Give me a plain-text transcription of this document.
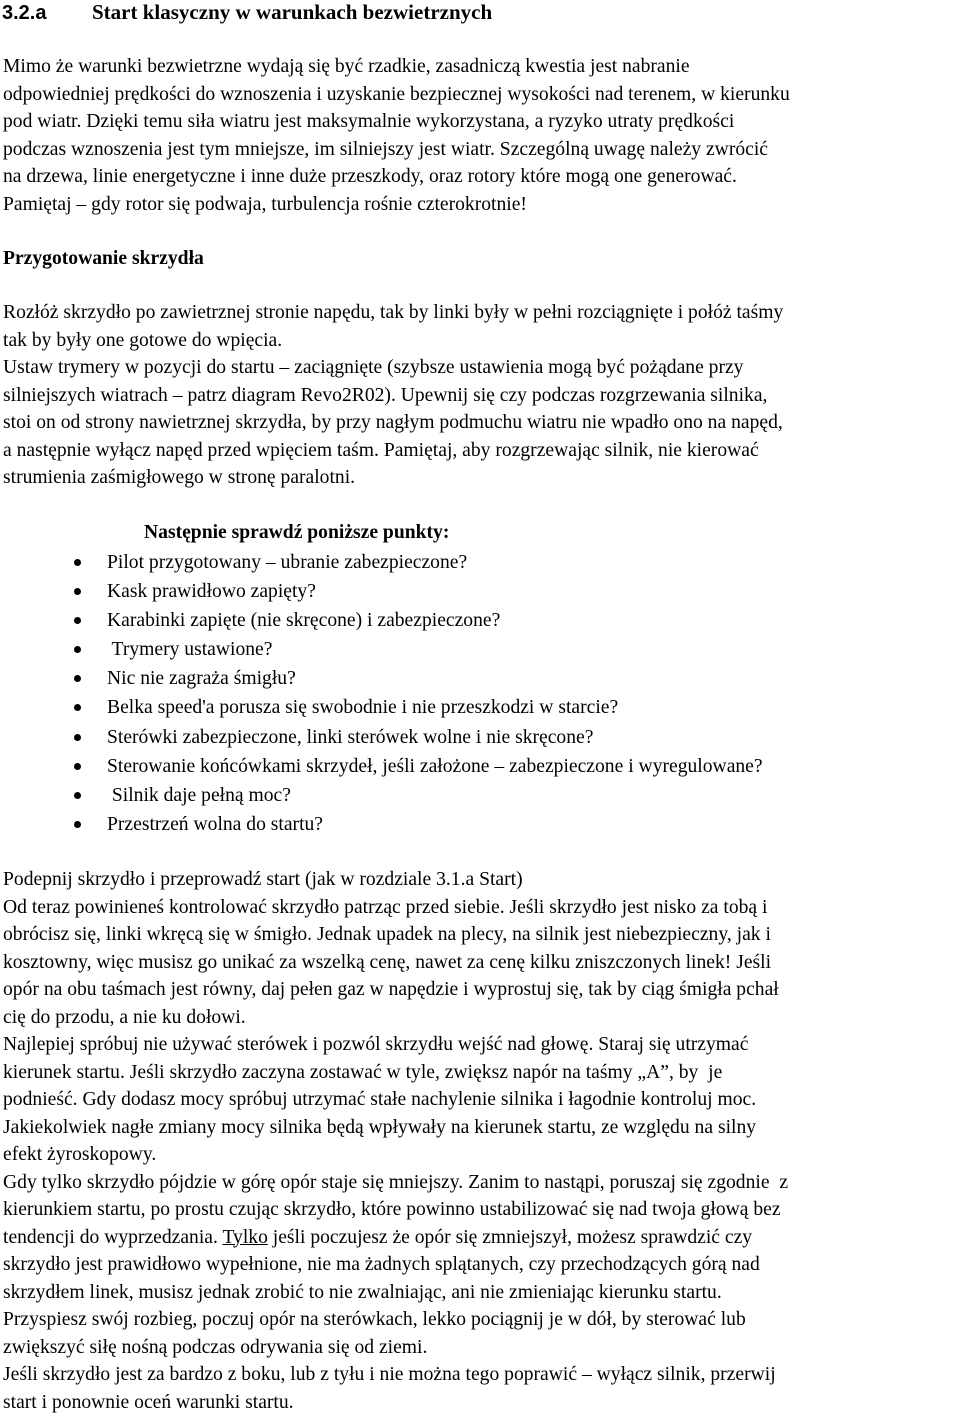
3.2.a Start klasyczny w warunkach bezwietrznych

Mimo że warunki bezwietrzne wydają się być rzadkie, zasadniczą kwestia jest nabranie
odpowiedniej prędkości do wznoszenia i uzyskanie bezpiecznej wysokości nad terenem, w kierunku
pod wiatr. Dzięki temu siła wiatru jest maksymalnie wykorzystana, a ryzyko utraty prędkości
podczas wznoszenia jest tym mniejsze, im silniejszy jest wiatr. Szczególną uwagę należy zwrócić
na drzewa, linie energetyczne i inne duże przeszkody, oraz rotory które mogą one generować.
Pamiętaj – gdy rotor się podwaja, turbulencja rośnie czterokrotnie!

Przygotowanie skrzydła

Rozłóż skrzydło po zawietrznej stronie napędu, tak by linki były w pełni rozciągnięte i połóż taśmy
tak by były one gotowe do wpięcia.
Ustaw trymery w pozycji do startu – zaciągnięte (szybsze ustawienia mogą być pożądane przy
silniejszych wiatrach – patrz diagram Revo2R02). Upewnij się czy podczas rozgrzewania silnika,
stoi on od strony nawietrznej skrzydła, by przy nagłym podmuchu wiatru nie wpadło ono na napęd,
a następnie wyłącz napęd przed wpięciem taśm. Pamiętaj, aby rozgrzewając silnik, nie kierować
strumienia zaśmigłowego w stronę paralotni.

Następnie sprawdź poniższe punkty:
Pilot przygotowany – ubranie zabezpieczone?
Kask prawidłowo zapięty?
Karabinki zapięte (nie skręcone) i zabezpieczone?
Trymery ustawione?
Nic nie zagraża śmigłu?
Belka speed'a porusza się swobodnie i nie przeszkodzi w starcie?
Sterówki zabezpieczone, linki sterówek wolne i nie skręcone?
Sterowanie końcówkami skrzydeł, jeśli założone – zabezpieczone i wyregulowane?
Silnik daje pełną moc?
Przestrzeń wolna do startu?

Podepnij skrzydło i przeprowadź start (jak w rozdziale 3.1.a Start)
Od teraz powinieneś kontrolować skrzydło patrząc przed siebie. Jeśli skrzydło jest nisko za tobą i
obrócisz się, linki wkręcą się w śmigło. Jednak upadek na plecy, na silnik jest niebezpieczny, jak i
kosztowny, więc musisz go unikać za wszelką cenę, nawet za cenę kilku zniszczonych linek! Jeśli
opór na obu taśmach jest równy, daj pełen gaz w napędzie i wyprostuj się, tak by ciąg śmigła pchał
cię do przodu, a nie ku dołowi.
Najlepiej spróbuj nie używać sterówek i pozwól skrzydłu wejść nad głowę. Staraj się utrzymać
kierunek startu. Jeśli skrzydło zaczyna zostawać w tyle, zwiększ napór na taśmy „A”, by  je
podnieść. Gdy dodasz mocy spróbuj utrzymać stałe nachylenie silnika i łagodnie kontroluj moc.
Jakiekolwiek nagłe zmiany mocy silnika będą wpływały na kierunek startu, ze względu na silny
efekt żyroskopowy.
Gdy tylko skrzydło pójdzie w górę opór staje się mniejszy. Zanim to nastąpi, poruszaj się zgodnie  z
kierunkiem startu, po prostu czując skrzydło, które powinno ustabilizować się nad twoja głową bez
tendencji do wyprzedzania. Tylko jeśli poczujesz że opór się zmniejszył, możesz sprawdzić czy
skrzydło jest prawidłowo wypełnione, nie ma żadnych splątanych, czy przechodzących górą nad
skrzydłem linek, musisz jednak zrobić to nie zwalniając, ani nie zmieniając kierunku startu.
Przyspiesz swój rozbieg, poczuj opór na sterówkach, lekko pociągnij je w dół, by sterować lub
zwiększyć siłę nośną podczas odrywania się od ziemi.
Jeśli skrzydło jest za bardzo z boku, lub z tyłu i nie można tego poprawić – wyłącz silnik, przerwij
start i ponownie oceń warunki startu.
